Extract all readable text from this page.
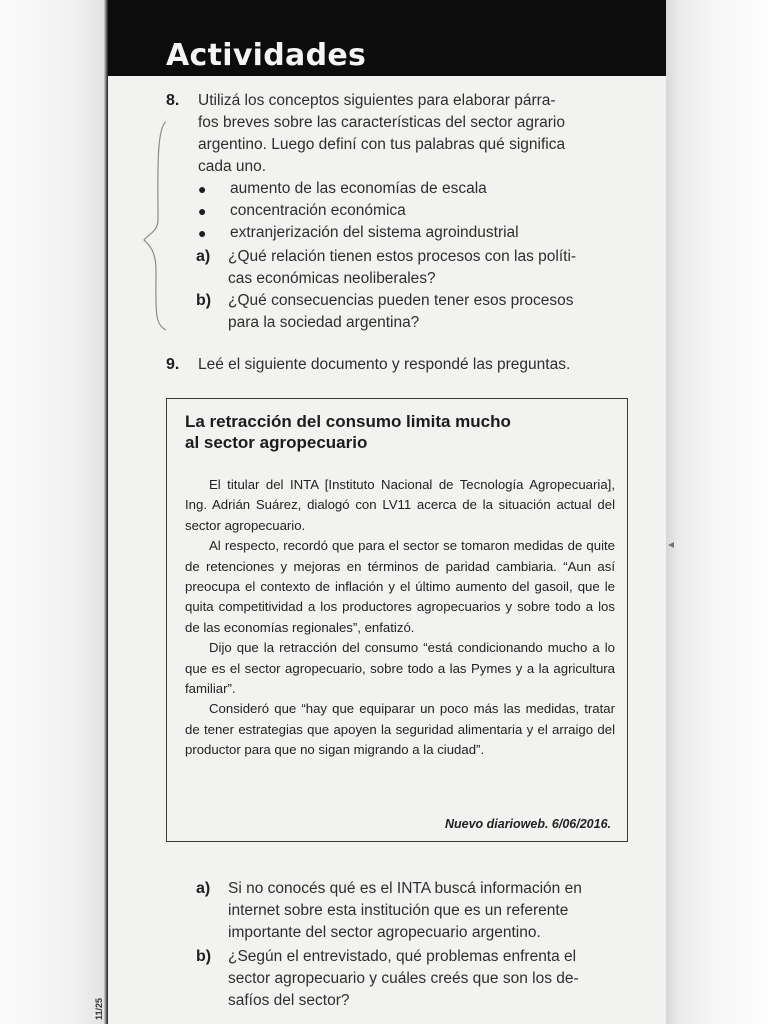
Actividades
8. Utilizá los conceptos siguientes para elaborar párra-
fos breves sobre las características del sector agrario
argentino. Luego definí con tus palabras qué significa
cada uno.
● aumento de las economías de escala
● concentración económica
● extranjerización del sistema agroindustrial
a) ¿Qué relación tienen estos procesos con las políti-
cas económicas neoliberales?
b) ¿Qué consecuencias pueden tener esos procesos
para la sociedad argentina?
9. Leé el siguiente documento y respondé las preguntas.
La retracción del consumo limita mucho
al sector agropecuario

El titular del INTA [Instituto Nacional de Tecnología Agropecuaria], Ing. Adrián Suárez, dialogó con LV11 acerca de la situación actual del sector agropecuario.

Al respecto, recordó que para el sector se tomaron medidas de quite de retenciones y mejoras en términos de paridad cambiaria. “Aun así preocupa el contexto de inflación y el último aumento del gasoil, que le quita competitividad a los productores agropecuarios y sobre todo a los de las economías regionales”, enfatizó.

Dijo que la retracción del consumo “está condicionando mucho a lo que es el sector agropecuario, sobre todo a las Pymes y a la agricultura familiar”.

Consideró que “hay que equiparar un poco más las medidas, tratar de tener estrategias que apoyen la seguridad alimentaria y el arraigo del productor para que no sigan migrando a la ciudad”.

Nuevo diarioweb. 6/06/2016.
a) Si no conocés qué es el INTA buscá información en
internet sobre esta institución que es un referente
importante del sector agropecuario argentino.
b) ¿Según el entrevistado, qué problemas enfrenta el
sector agropecuario y cuáles creés que son los de-
safíos del sector?
11/25
